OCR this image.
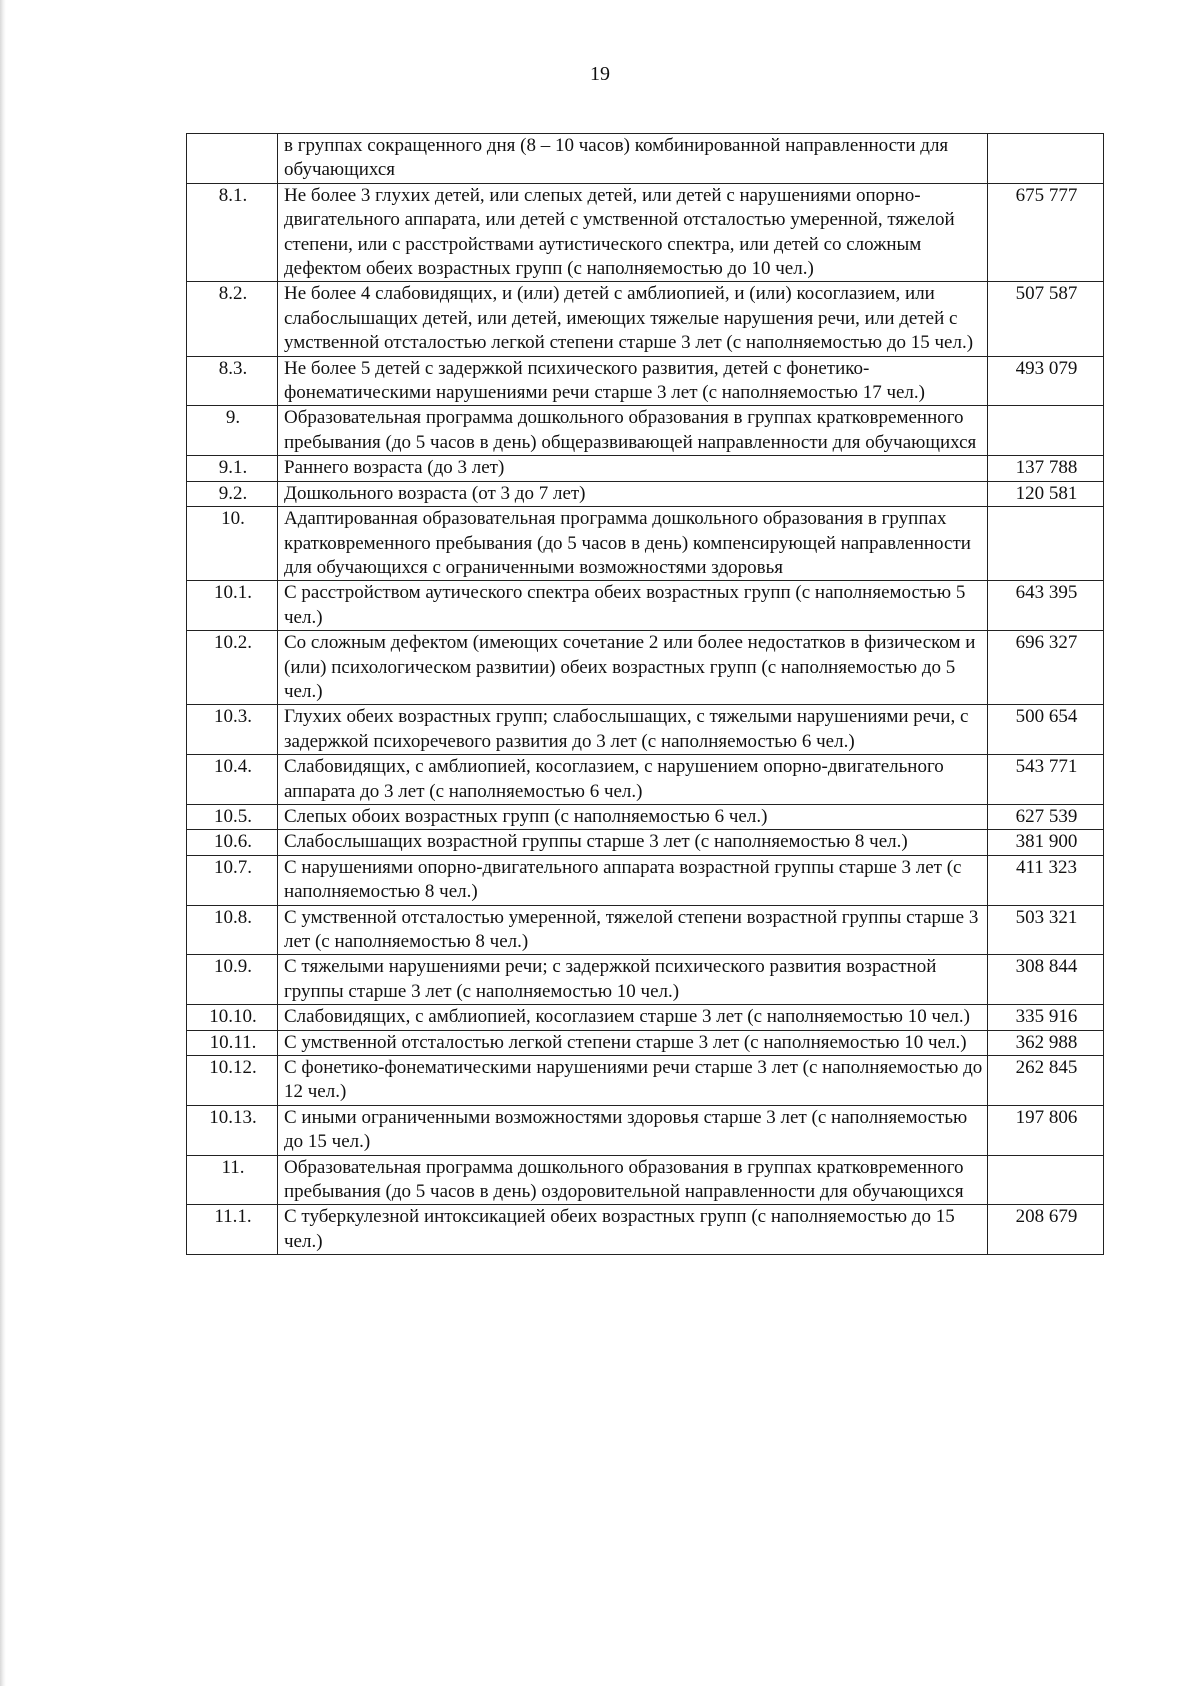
19
	в группах сокращенного дня (8 – 10 часов) комбинированной направленности для обучающихся	
8.1.	Не более 3 глухих детей, или слепых детей, или детей с нарушениями опорно-двигательного аппарата, или детей с умственной отсталостью умеренной, тяжелой степени, или с расстройствами аутистического спектра, или детей со сложным дефектом обеих возрастных групп (с наполняемостью до 10 чел.)	675 777
8.2.	Не более 4 слабовидящих, и (или) детей с амблиопией, и (или) косоглазием, или слабослышащих детей, или детей, имеющих тяжелые нарушения речи, или детей с умственной отсталостью легкой степени старше 3 лет (с наполняемостью до 15 чел.)	507 587
8.3.	Не более 5 детей с задержкой психического развития, детей с фонетико-фонематическими нарушениями речи старше 3 лет (с наполняемостью 17 чел.)	493 079
9.	Образовательная программа дошкольного образования в группах кратковременного пребывания (до 5 часов в день) общеразвивающей направленности для обучающихся	
9.1.	Раннего возраста (до 3 лет)	137 788
9.2.	Дошкольного возраста (от 3 до 7 лет)	120 581
10.	Адаптированная образовательная программа дошкольного образования в группах кратковременного пребывания (до 5 часов в день) компенсирующей направленности для обучающихся с ограниченными возможностями здоровья	
10.1.	С расстройством аутического спектра обеих возрастных групп (с наполняемостью 5 чел.)	643 395
10.2.	Со сложным дефектом (имеющих сочетание 2 или более недостатков в физическом и (или) психологическом развитии) обеих возрастных групп (с наполняемостью до 5 чел.)	696 327
10.3.	Глухих обеих возрастных групп; слабослышащих, с тяжелыми нарушениями речи, с задержкой психоречевого развития до 3 лет (с наполняемостью 6 чел.)	500 654
10.4.	Слабовидящих, с амблиопией, косоглазием, с нарушением опорно-двигательного аппарата до 3 лет (с наполняемостью 6 чел.)	543 771
10.5.	Слепых обоих возрастных групп (с наполняемостью 6 чел.)	627 539
10.6.	Слабослышащих возрастной группы старше 3 лет (с наполняемостью 8 чел.)	381 900
10.7.	С нарушениями опорно-двигательного аппарата возрастной группы старше 3 лет (с наполняемостью 8 чел.)	411 323
10.8.	С умственной отсталостью умеренной, тяжелой степени возрастной группы старше 3 лет (с наполняемостью 8 чел.)	503 321
10.9.	С тяжелыми нарушениями речи; с задержкой психического развития возрастной группы старше 3 лет (с наполняемостью 10 чел.)	308 844
10.10.	Слабовидящих, с амблиопией, косоглазием старше 3 лет (с наполняемостью 10 чел.)	335 916
10.11.	С умственной отсталостью легкой степени старше 3 лет (с наполняемостью 10 чел.)	362 988
10.12.	С фонетико-фонематическими нарушениями речи старше 3 лет (с наполняемостью до 12 чел.)	262 845
10.13.	С иными ограниченными возможностями здоровья старше 3 лет (с наполняемостью до 15 чел.)	197 806
11.	Образовательная программа дошкольного образования в группах кратковременного пребывания (до 5 часов в день) оздоровительной направленности для обучающихся	
11.1.	С туберкулезной интоксикацией обеих возрастных групп (с наполняемостью до 15 чел.)	208 679
